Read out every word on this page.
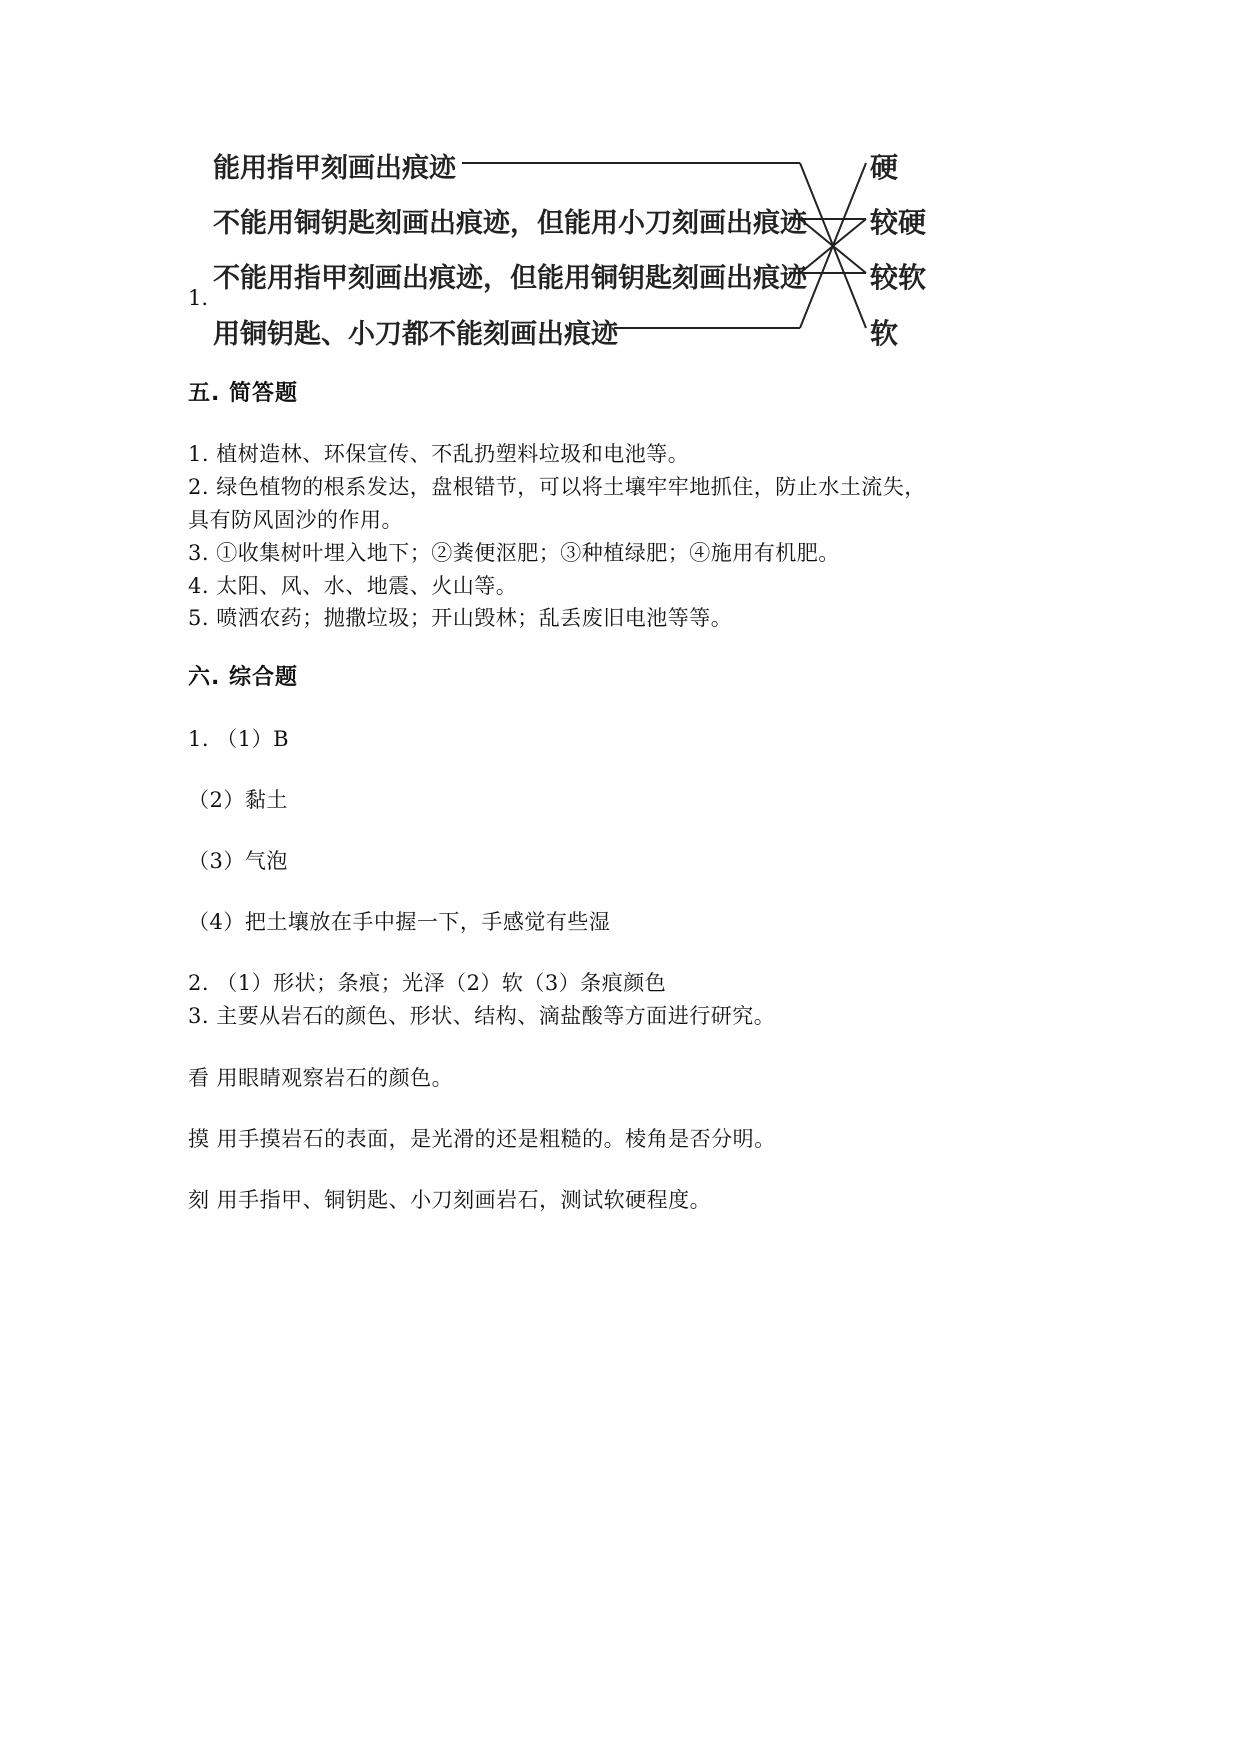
能用指甲刻画出痕迹
不能用铜钥匙刻画出痕迹，但能用小刀刻画出痕迹
不能用指甲刻画出痕迹，但能用铜钥匙刻画出痕迹
用铜钥匙、小刀都不能刻画出痕迹
1.
硬
较硬
较软
软
五. 简答题
1. 植树造林、环保宣传、不乱扔塑料垃圾和电池等。
2. 绿色植物的根系发达，盘根错节，可以将土壤牢牢地抓住，防止水土流失，
具有防风固沙的作用。
3. ①收集树叶埋入地下；②粪便沤肥；③种植绿肥；④施用有机肥。
4. 太阳、风、水、地震、火山等。
5. 喷洒农药；抛撒垃圾；开山毁林；乱丢废旧电池等等。
六. 综合题
1. （1）B
（2）黏土
（3）气泡
（4）把土壤放在手中握一下，手感觉有些湿
2. （1）形状；条痕；光泽（2）软（3）条痕颜色
3. 主要从岩石的颜色、形状、结构、滴盐酸等方面进行研究。
看 用眼睛观察岩石的颜色。
摸 用手摸岩石的表面，是光滑的还是粗糙的。棱角是否分明。
刻 用手指甲、铜钥匙、小刀刻画岩石，测试软硬程度。
